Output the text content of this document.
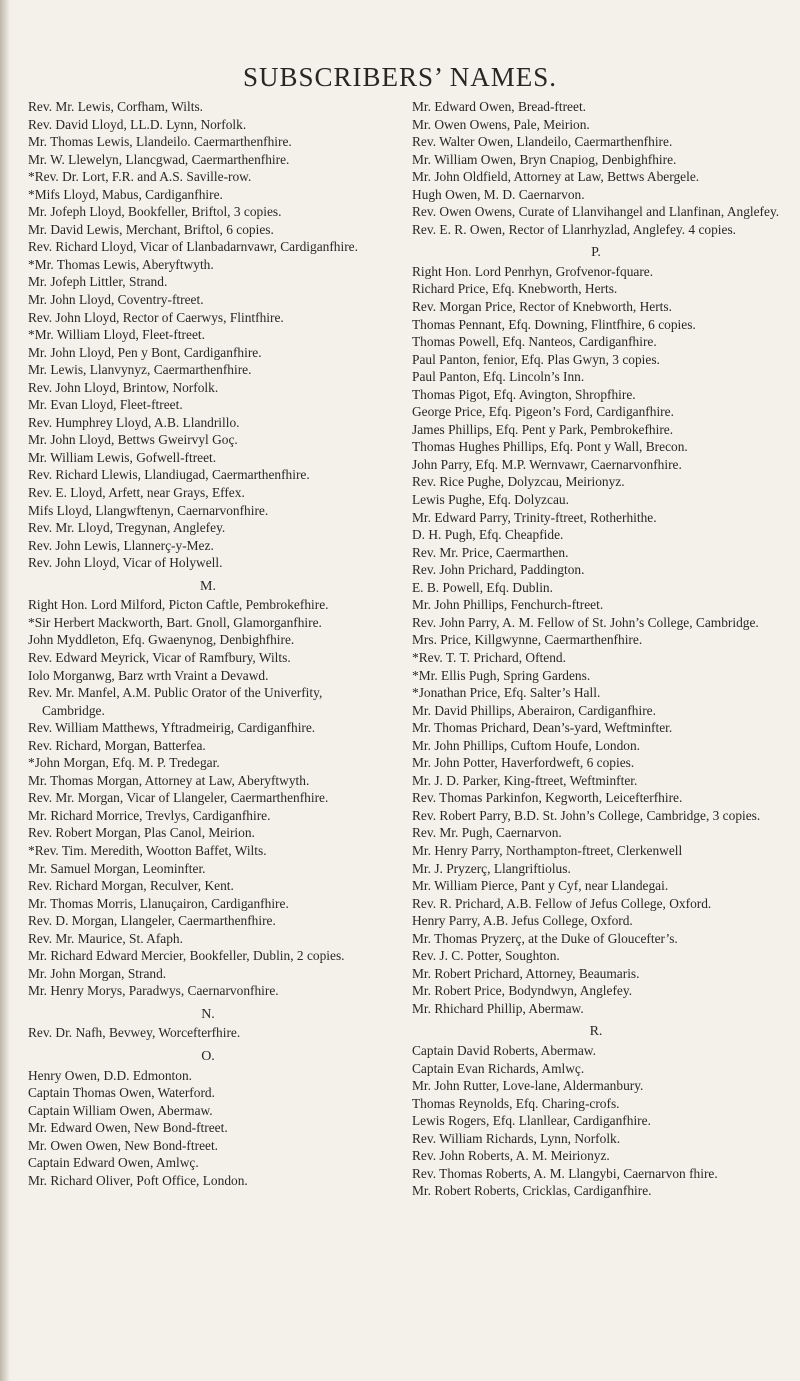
SUBSCRIBERS’ NAMES.

Rev. Mr. Lewis, Corfham, Wilts.

Rev. David Lloyd, LL.D. Lynn, Norfolk.

Mr. Thomas Lewis, Llandeilo. Caermarthenfhire.

Mr. W. Llewelyn, Llancgwad, Caermarthenfhire.

*Rev. Dr. Lort, F.R. and A.S. Saville-row.

*Mifs Lloyd, Mabus, Cardiganfhire.

Mr. Jofeph Lloyd, Bookfeller, Briftol, 3 copies.

Mr. David Lewis, Merchant, Briftol, 6 copies.

Rev. Richard Lloyd, Vicar of Llanbadarnvawr, Cardiganfhire.

*Mr. Thomas Lewis, Aberyftwyth.

Mr. Jofeph Littler, Strand.

Mr. John Lloyd, Coventry-ftreet.

Rev. John Lloyd, Rector of Caerwys, Flintfhire.

*Mr. William Lloyd, Fleet-ftreet.

Mr. John Lloyd, Pen y Bont, Cardiganfhire.

Mr. Lewis, Llanvynyz, Caermarthenfhire.

Rev. John Lloyd, Brintow, Norfolk.

Mr. Evan Lloyd, Fleet-ftreet.

Rev. Humphrey Lloyd, A.B. Llandrillo.

Mr. John Lloyd, Bettws Gweirvyl Goç.

Mr. William Lewis, Gofwell-ftreet.

Rev. Richard Llewis, Llandiugad, Caermarthenfhire.

Rev. E. Lloyd, Arfett, near Grays, Effex.

Mifs Lloyd, Llangwftenyn, Caernarvonfhire.

Rev. Mr. Lloyd, Tregynan, Anglefey.

Rev. John Lewis, Llannerç-y-Mez.

Rev. John Lloyd, Vicar of Holywell.

M.

Right Hon. Lord Milford, Picton Caftle, Pembrokefhire.

*Sir Herbert Mackworth, Bart. Gnoll, Glamorganfhire.

John Myddleton, Efq. Gwaenynog, Denbighfhire.

Rev. Edward Meyrick, Vicar of Ramfbury, Wilts.

Iolo Morganwg, Barz wrth Vraint a Devawd.

Rev. Mr. Manfel, A.M. Public Orator of the Univerfity, Cambridge.

Rev. William Matthews, Yftradmeirig, Cardiganfhire.

Rev. Richard, Morgan, Batterfea.

*John Morgan, Efq. M. P. Tredegar.

Mr. Thomas Morgan, Attorney at Law, Aberyftwyth.

Rev. Mr. Morgan, Vicar of Llangeler, Caermarthenfhire.

Mr. Richard Morrice, Trevlys, Cardiganfhire.

Rev. Robert Morgan, Plas Canol, Meirion.

*Rev. Tim. Meredith, Wootton Baffet, Wilts.

Mr. Samuel Morgan, Leominfter.

Rev. Richard Morgan, Reculver, Kent.

Mr. Thomas Morris, Llanuçairon, Cardiganfhire.

Rev. D. Morgan, Llangeler, Caermarthenfhire.

Rev. Mr. Maurice, St. Afaph.

Mr. Richard Edward Mercier, Bookfeller, Dublin, 2 copies.

Mr. John Morgan, Strand.

Mr. Henry Morys, Paradwys, Caernarvonfhire.

N.

Rev. Dr. Nafh, Bevwey, Worcefterfhire.

O.

Henry Owen, D.D. Edmonton.

Captain Thomas Owen, Waterford.

Captain William Owen, Abermaw.

Mr. Edward Owen, New Bond-ftreet.

Mr. Owen Owen, New Bond-ftreet.

Captain Edward Owen, Amlwç.

Mr. Richard Oliver, Poft Office, London.

Mr. Edward Owen, Bread-ftreet.

Mr. Owen Owens, Pale, Meirion.

Rev. Walter Owen, Llandeilo, Caermarthenfhire.

Mr. William Owen, Bryn Cnapiog, Denbighfhire.

Mr. John Oldfield, Attorney at Law, Bettws Abergele.

Hugh Owen, M. D. Caernarvon.

Rev. Owen Owens, Curate of Llanvihangel and Llanfinan, Anglefey.

Rev. E. R. Owen, Rector of Llanrhyzlad, Anglefey. 4 copies.

P.

Right Hon. Lord Penrhyn, Grofvenor-fquare.

Richard Price, Efq. Knebworth, Herts.

Rev. Morgan Price, Rector of Knebworth, Herts.

Thomas Pennant, Efq. Downing, Flintfhire, 6 copies.

Thomas Powell, Efq. Nanteos, Cardiganfhire.

Paul Panton, fenior, Efq. Plas Gwyn, 3 copies.

Paul Panton, Efq. Lincoln’s Inn.

Thomas Pigot, Efq. Avington, Shropfhire.

George Price, Efq. Pigeon’s Ford, Cardiganfhire.

James Phillips, Efq. Pent y Park, Pembrokefhire.

Thomas Hughes Phillips, Efq. Pont y Wall, Brecon.

John Parry, Efq. M.P. Wernvawr, Caernarvonfhire.

Rev. Rice Pughe, Dolyzcau, Meirionyz.

Lewis Pughe, Efq. Dolyzcau.

Mr. Edward Parry, Trinity-ftreet, Rotherhithe.

D. H. Pugh, Efq. Cheapfide.

Rev. Mr. Price, Caermarthen.

Rev. John Prichard, Paddington.

E. B. Powell, Efq. Dublin.

Mr. John Phillips, Fenchurch-ftreet.

Rev. John Parry, A. M. Fellow of St. John’s College, Cambridge.

Mrs. Price, Killgwynne, Caermarthenfhire.

*Rev. T. T. Prichard, Oftend.

*Mr. Ellis Pugh, Spring Gardens.

*Jonathan Price, Efq. Salter’s Hall.

Mr. David Phillips, Aberairon, Cardiganfhire.

Mr. Thomas Prichard, Dean’s-yard, Weftminfter.

Mr. John Phillips, Cuftom Houfe, London.

Mr. John Potter, Haverfordweft, 6 copies.

Mr. J. D. Parker, King-ftreet, Weftminfter.

Rev. Thomas Parkinfon, Kegworth, Leicefterfhire.

Rev. Robert Parry, B.D. St. John’s College, Cambridge, 3 copies.

Rev. Mr. Pugh, Caernarvon.

Mr. Henry Parry, Northampton-ftreet, Clerkenwell

Mr. J. Pryzerç, Llangriftiolus.

Mr. William Pierce, Pant y Cyf, near Llandegai.

Rev. R. Prichard, A.B. Fellow of Jefus College, Oxford.

Henry Parry, A.B. Jefus College, Oxford.

Mr. Thomas Pryzerç, at the Duke of Gloucefter’s.

Rev. J. C. Potter, Soughton.

Mr. Robert Prichard, Attorney, Beaumaris.

Mr. Robert Price, Bodyndwyn, Anglefey.

Mr. Rhichard Phillip, Abermaw.

R.

Captain David Roberts, Abermaw.

Captain Evan Richards, Amlwç.

Mr. John Rutter, Love-lane, Aldermanbury.

Thomas Reynolds, Efq. Charing-crofs.

Lewis Rogers, Efq. Llanllear, Cardiganfhire.

Rev. William Richards, Lynn, Norfolk.

Rev. John Roberts, A. M. Meirionyz.

Rev. Thomas Roberts, A. M. Llangybi, Caernarvon fhire.

Mr. Robert Roberts, Cricklas, Cardiganfhire.
